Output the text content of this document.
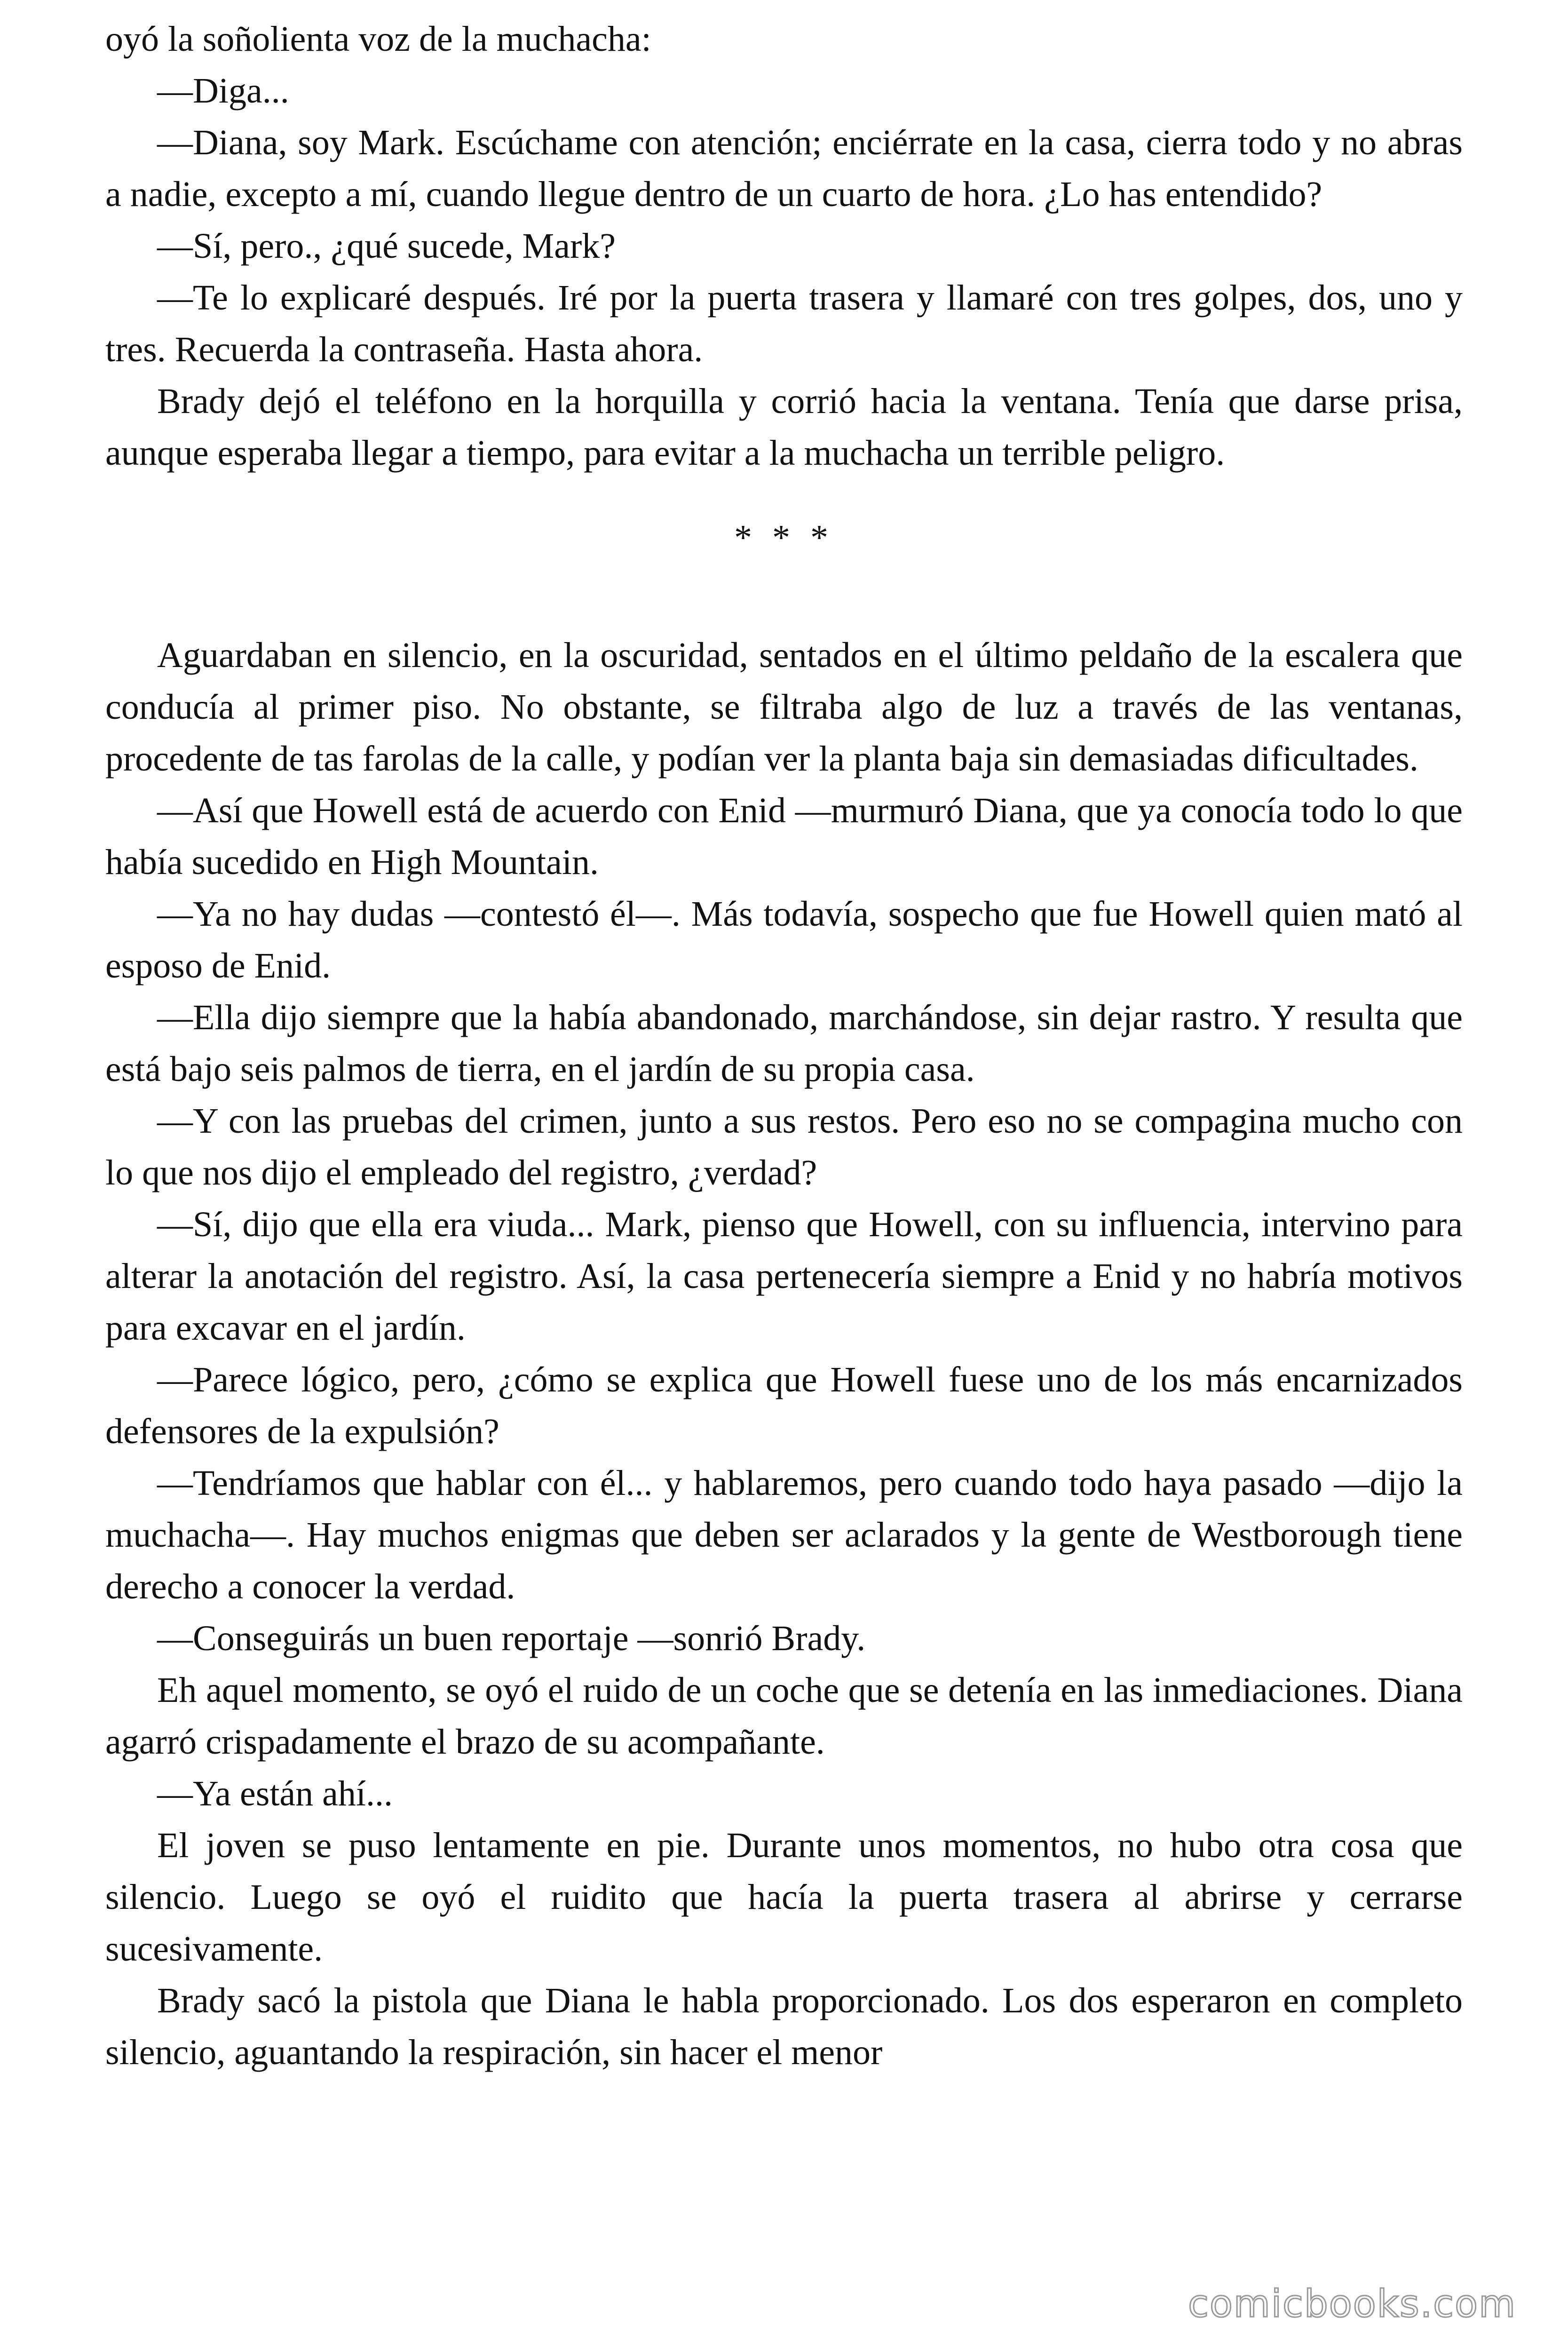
oyó la soñolienta voz de la muchacha:

—Diga...

—Diana, soy Mark. Escúchame con atención; enciérrate en la casa, cierra todo y no abras a nadie, excepto a mí, cuando llegue dentro de un cuarto de hora. ¿Lo has entendido?

—Sí, pero., ¿qué sucede, Mark?

—Te lo explicaré después. Iré por la puerta trasera y llamaré con tres golpes, dos, uno y tres. Recuerda la contraseña. Hasta ahora.

Brady dejó el teléfono en la horquilla y corrió hacia la ventana. Tenía que darse prisa, aunque esperaba llegar a tiempo, para evitar a la muchacha un terrible peligro.

* * *

Aguardaban en silencio, en la oscuridad, sentados en el último peldaño de la escalera que conducía al primer piso. No obstante, se filtraba algo de luz a través de las ventanas, procedente de tas farolas de la calle, y podían ver la planta baja sin demasiadas dificultades.

—Así que Howell está de acuerdo con Enid —murmuró Diana, que ya conocía todo lo que había sucedido en High Mountain.

—Ya no hay dudas —contestó él—. Más todavía, sospecho que fue Howell quien mató al esposo de Enid.

—Ella dijo siempre que la había abandonado, marchándose, sin dejar rastro. Y resulta que está bajo seis palmos de tierra, en el jardín de su propia casa.

—Y con las pruebas del crimen, junto a sus restos. Pero eso no se compagina mucho con lo que nos dijo el empleado del registro, ¿verdad?

—Sí, dijo que ella era viuda... Mark, pienso que Howell, con su influencia, intervino para alterar la anotación del registro. Así, la casa pertenecería siempre a Enid y no habría motivos para excavar en el jardín.

—Parece lógico, pero, ¿cómo se explica que Howell fuese uno de los más encarnizados defensores de la expulsión?

—Tendríamos que hablar con él... y hablaremos, pero cuando todo haya pasado —dijo la muchacha—. Hay muchos enigmas que deben ser aclarados y la gente de Westborough tiene derecho a conocer la verdad.

—Conseguirás un buen reportaje —sonrió Brady.

Eh aquel momento, se oyó el ruido de un coche que se detenía en las inmediaciones. Diana agarró crispadamente el brazo de su acompañante.

—Ya están ahí...

El joven se puso lentamente en pie. Durante unos momentos, no hubo otra cosa que silencio. Luego se oyó el ruidito que hacía la puerta trasera al abrirse y cerrarse sucesivamente.

Brady sacó la pistola que Diana le habla proporcionado. Los dos esperaron en completo silencio, aguantando la respiración, sin hacer el menor

comicbooks.com
